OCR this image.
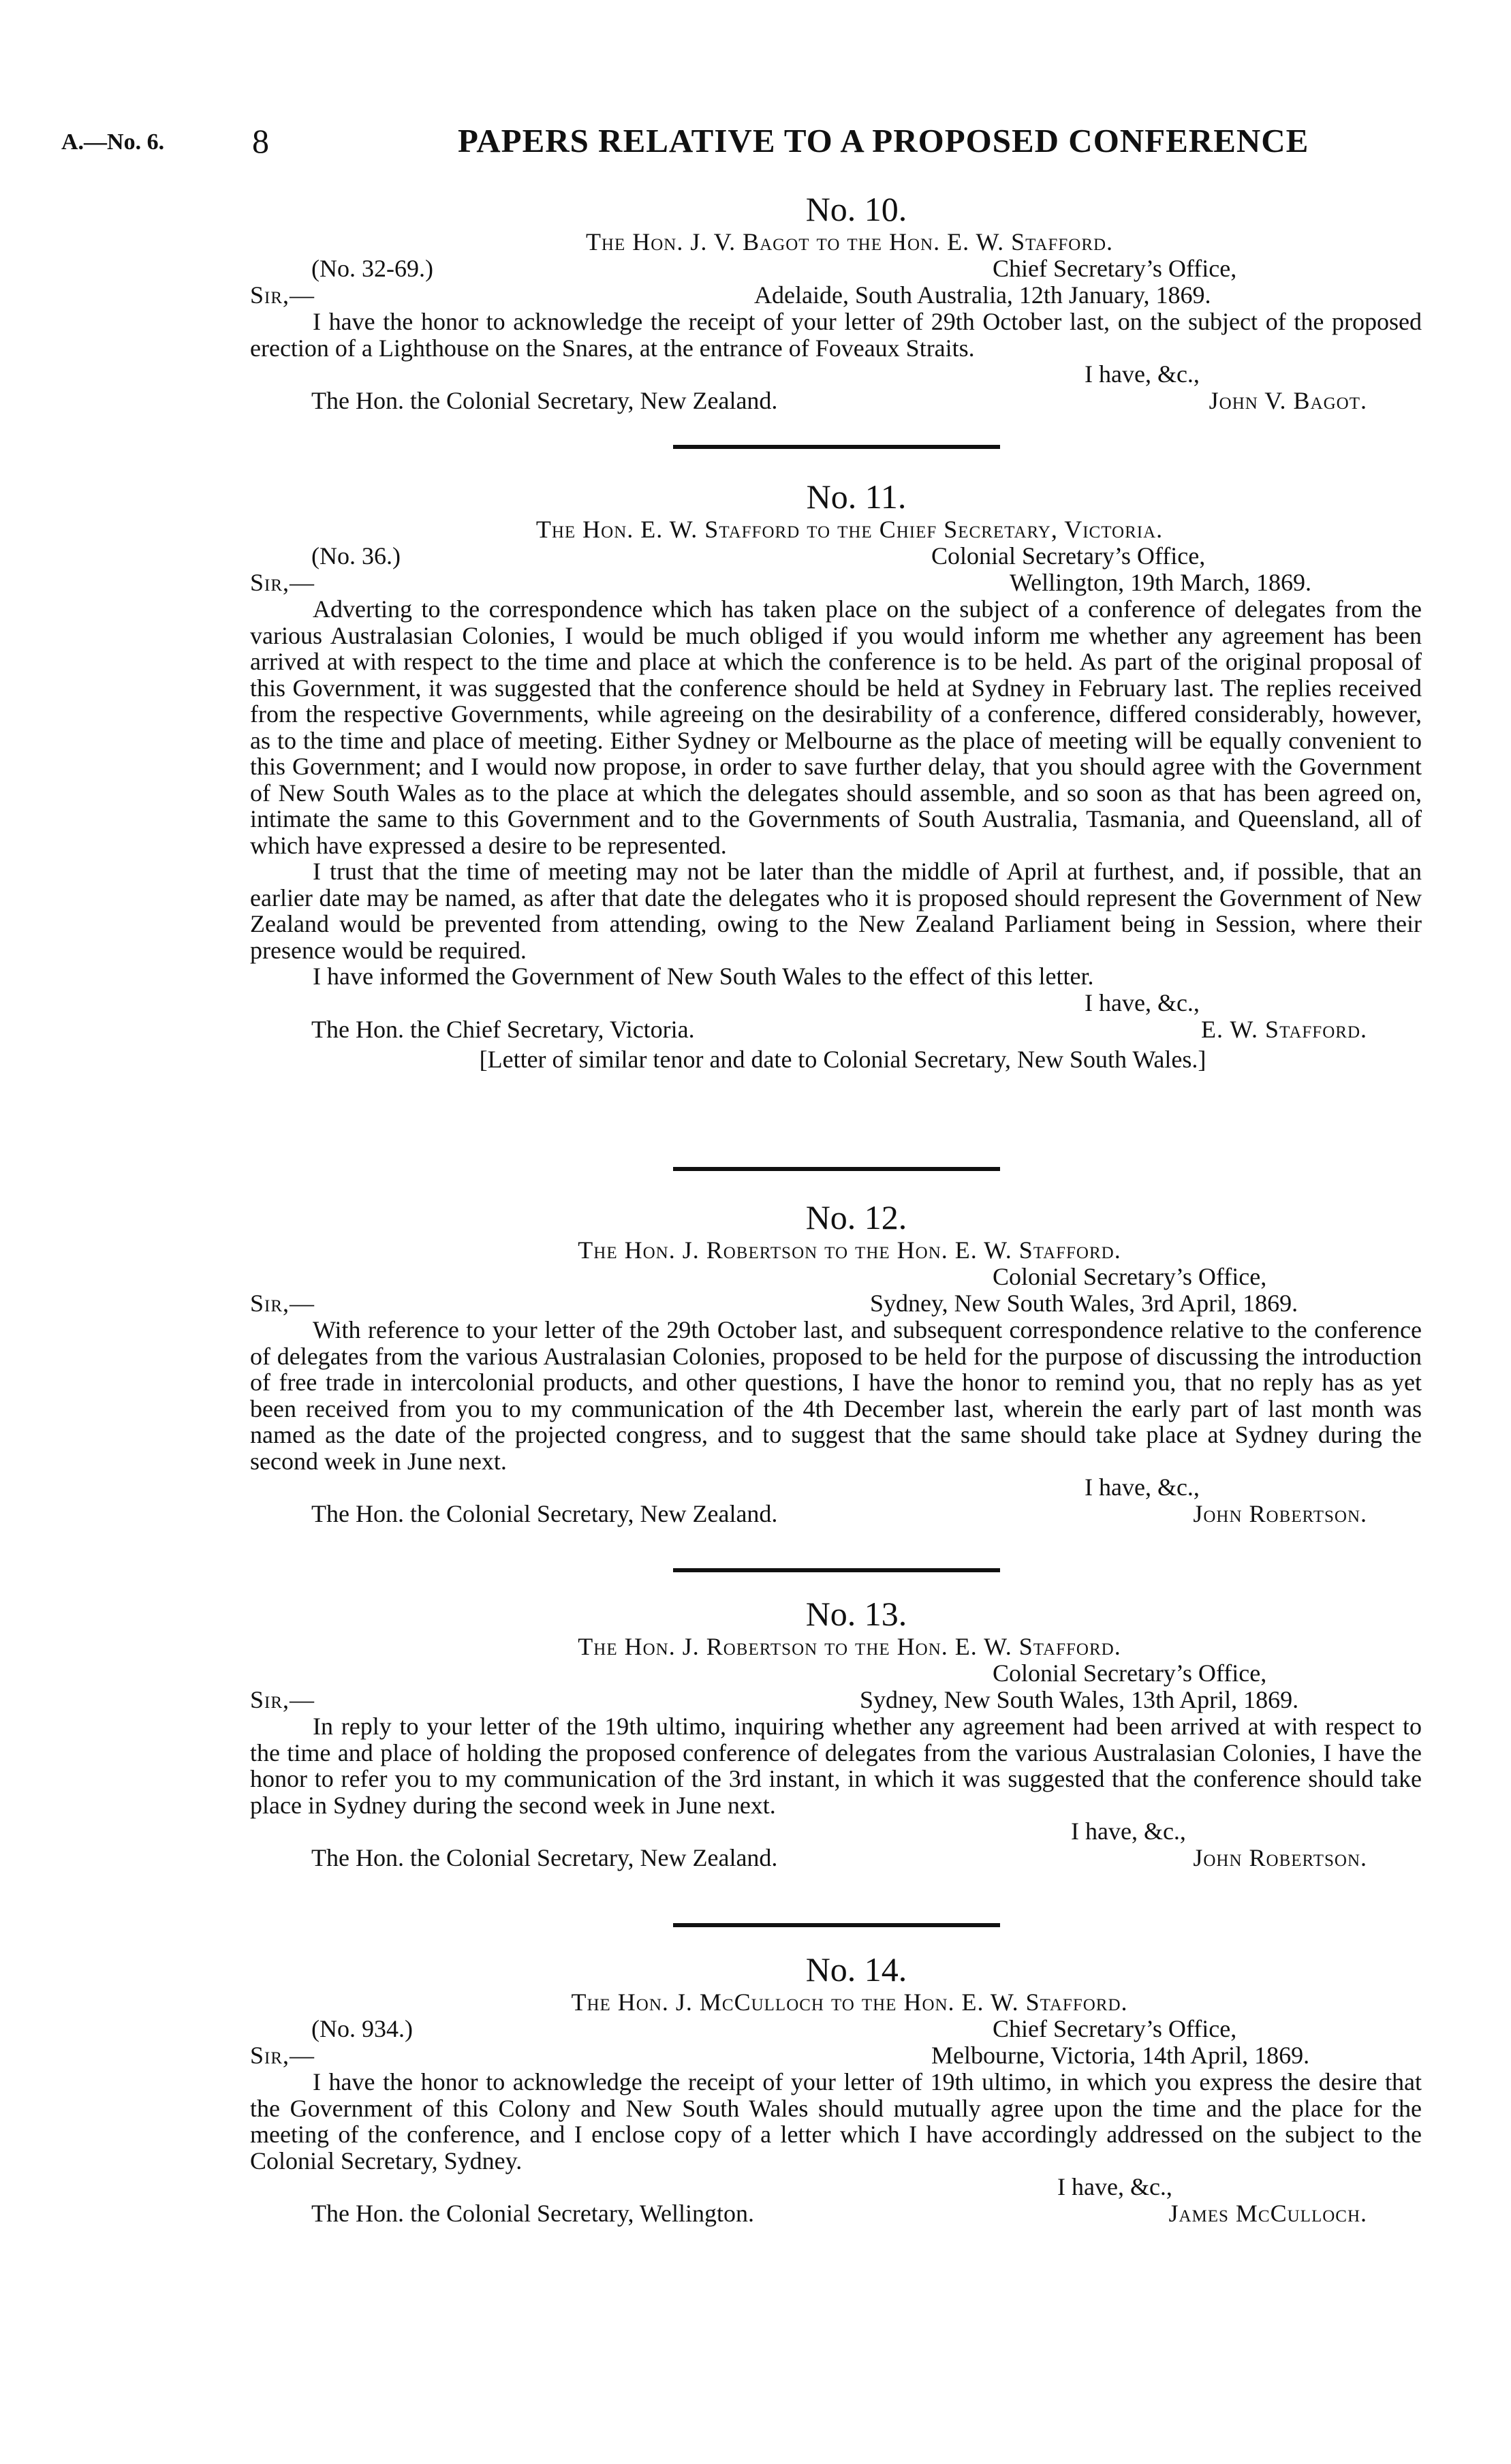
A.—No. 6.	8	PAPERS RELATIVE TO A PROPOSED CONFERENCE
No. 10.
The Hon. J. V. Bagot to the Hon. E. W. Stafford.
(No. 32-69.)	Chief Secretary’s Office,
Sir,—	Adelaide, South Australia, 12th January, 1869.

I have the honor to acknowledge the receipt of your letter of 29th October last, on the subject of the proposed erection of a Lighthouse on the Snares, at the entrance of Foveaux Straits.

I have, &c.,
The Hon. the Colonial Secretary, New Zealand.	John V. Bagot.
No. 11.
The Hon. E. W. Stafford to the Chief Secretary, Victoria.
(No. 36.)	Colonial Secretary’s Office,
Sir,—	Wellington, 19th March, 1869.

Adverting to the correspondence which has taken place on the subject of a conference of delegates from the various Australasian Colonies, I would be much obliged if you would inform me whether any agreement has been arrived at with respect to the time and place at which the conference is to be held. As part of the original proposal of this Government, it was suggested that the conference should be held at Sydney in February last. The replies received from the respective Governments, while agreeing on the desirability of a conference, differed considerably, however, as to the time and place of meeting. Either Sydney or Melbourne as the place of meeting will be equally convenient to this Government; and I would now propose, in order to save further delay, that you should agree with the Government of New South Wales as to the place at which the delegates should assemble, and so soon as that has been agreed on, intimate the same to this Government and to the Governments of South Australia, Tasmania, and Queensland, all of which have expressed a desire to be represented.

I trust that the time of meeting may not be later than the middle of April at furthest, and, if possible, that an earlier date may be named, as after that date the delegates who it is proposed should represent the Government of New Zealand would be prevented from attending, owing to the New Zealand Parliament being in Session, where their presence would be required.

I have informed the Government of New South Wales to the effect of this letter.

I have, &c.,
The Hon. the Chief Secretary, Victoria.	E. W. Stafford.
[Letter of similar tenor and date to Colonial Secretary, New South Wales.]
No. 12.
The Hon. J. Robertson to the Hon. E. W. Stafford.
Colonial Secretary’s Office,
Sir,—	Sydney, New South Wales, 3rd April, 1869.

With reference to your letter of the 29th October last, and subsequent correspondence relative to the conference of delegates from the various Australasian Colonies, proposed to be held for the purpose of discussing the introduction of free trade in intercolonial products, and other questions, I have the honor to remind you, that no reply has as yet been received from you to my communication of the 4th December last, wherein the early part of last month was named as the date of the projected congress, and to suggest that the same should take place at Sydney during the second week in June next.

I have, &c.,
The Hon. the Colonial Secretary, New Zealand.	John Robertson.
No. 13.
The Hon. J. Robertson to the Hon. E. W. Stafford.
Colonial Secretary’s Office,
Sir,—	Sydney, New South Wales, 13th April, 1869.

In reply to your letter of the 19th ultimo, inquiring whether any agreement had been arrived at with respect to the time and place of holding the proposed conference of delegates from the various Australasian Colonies, I have the honor to refer you to my communication of the 3rd instant, in which it was suggested that the conference should take place in Sydney during the second week in June next.

I have, &c.,
The Hon. the Colonial Secretary, New Zealand.	John Robertson.
No. 14.
The Hon. J. McCulloch to the Hon. E. W. Stafford.
(No. 934.)	Chief Secretary’s Office,
Sir,—	Melbourne, Victoria, 14th April, 1869.

I have the honor to acknowledge the receipt of your letter of 19th ultimo, in which you express the desire that the Government of this Colony and New South Wales should mutually agree upon the time and the place for the meeting of the conference, and I enclose copy of a letter which I have accordingly addressed on the subject to the Colonial Secretary, Sydney.

I have, &c.,
The Hon. the Colonial Secretary, Wellington.	James McCulloch.
